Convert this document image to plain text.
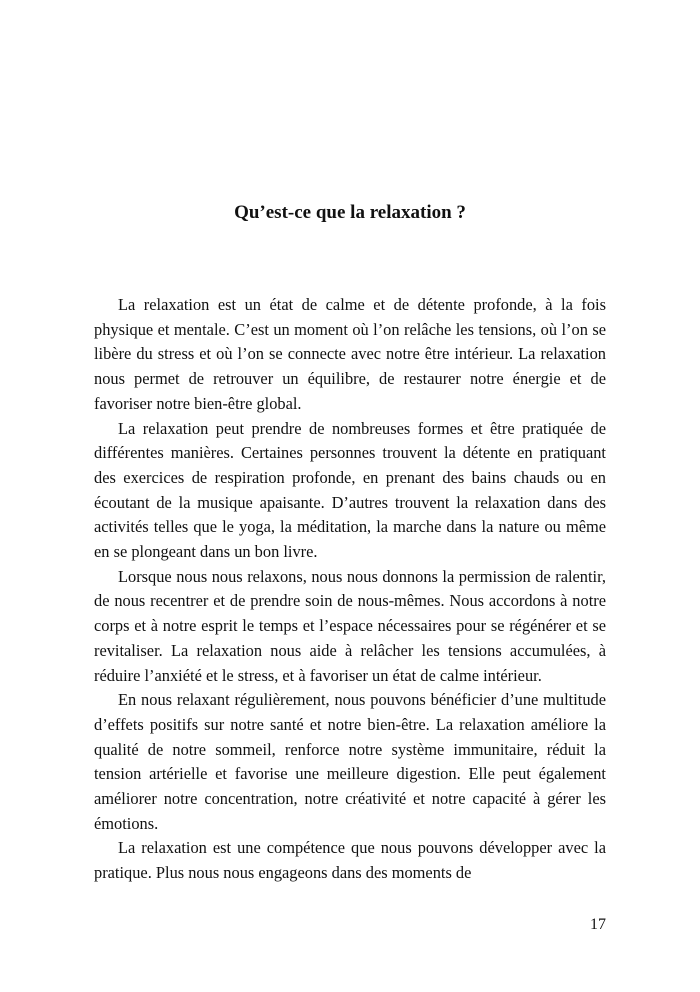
Qu’est-ce que la relaxation ?

La relaxation est un état de calme et de détente profonde, à la fois physique et mentale. C’est un moment où l’on relâche les tensions, où l’on se libère du stress et où l’on se connecte avec notre être intérieur. La relaxation nous permet de retrouver un équilibre, de restaurer notre énergie et de favoriser notre bien-être global.

La relaxation peut prendre de nombreuses formes et être pratiquée de différentes manières. Certaines personnes trouvent la détente en pratiquant des exercices de respiration profonde, en prenant des bains chauds ou en écoutant de la musique apaisante. D’autres trouvent la relaxation dans des activités telles que le yoga, la méditation, la marche dans la nature ou même en se plongeant dans un bon livre.

Lorsque nous nous relaxons, nous nous donnons la permission de ralentir, de nous recentrer et de prendre soin de nous-mêmes. Nous accordons à notre corps et à notre esprit le temps et l’espace nécessaires pour se régénérer et se revitaliser. La relaxation nous aide à relâcher les tensions accumulées, à réduire l’anxiété et le stress, et à favoriser un état de calme intérieur.

En nous relaxant régulièrement, nous pouvons bénéficier d’une multitude d’effets positifs sur notre santé et notre bien-être. La relaxation améliore la qualité de notre sommeil, renforce notre système immunitaire, réduit la tension artérielle et favorise une meilleure digestion. Elle peut également améliorer notre concentration, notre créativité et notre capacité à gérer les émotions.

La relaxation est une compétence que nous pouvons développer avec la pratique. Plus nous nous engageons dans des moments de

17
